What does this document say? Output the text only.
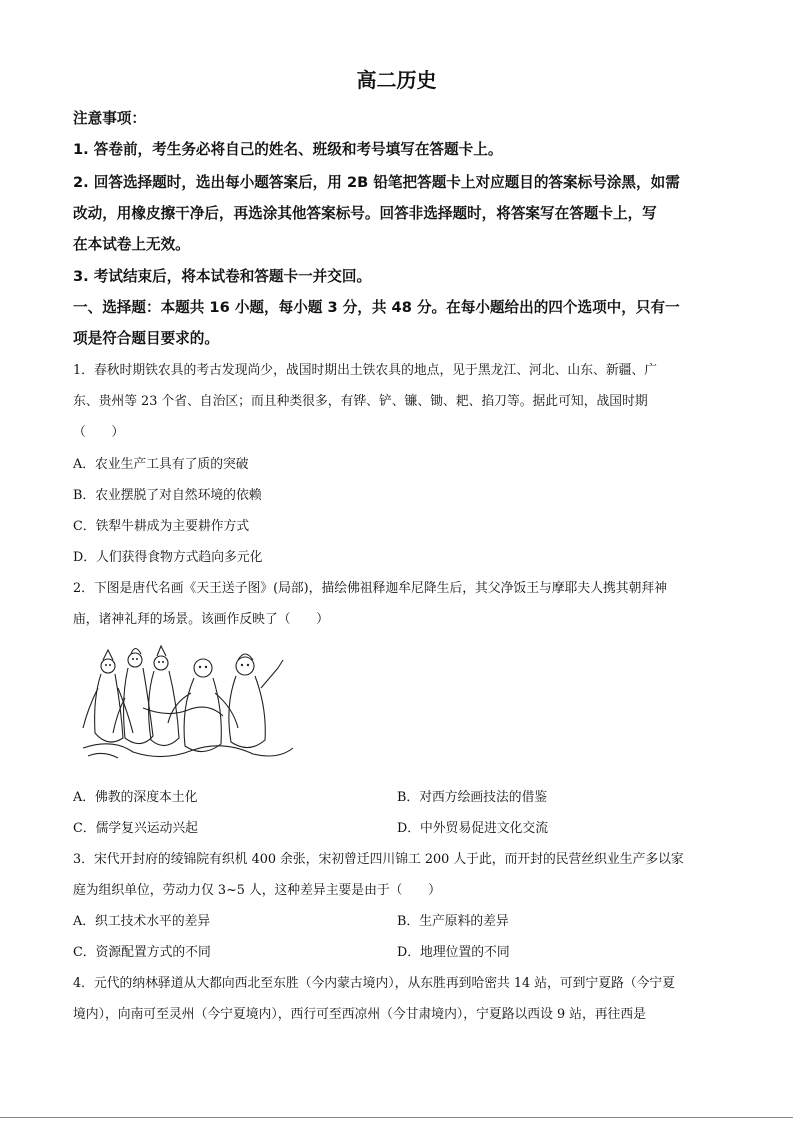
高二历史
注意事项：
1. 答卷前，考生务必将自己的姓名、班级和考号填写在答题卡上。
2. 回答选择题时，选出每小题答案后，用 2B 铅笔把答题卡上对应题目的答案标号涂黑，如需
改动，用橡皮擦干净后，再选涂其他答案标号。回答非选择题时，将答案写在答题卡上，写
在本试卷上无效。
3. 考试结束后，将本试卷和答题卡一并交回。
一、选择题：本题共 16 小题，每小题 3 分，共 48 分。在每小题给出的四个选项中，只有一
项是符合题目要求的。
1．春秋时期铁农具的考古发现尚少，战国时期出土铁农具的地点，见于黑龙江、河北、山东、新疆、广
东、贵州等 23 个省、自治区；而且种类很多，有铧、铲、镰、锄、耙、掐刀等。据此可知，战国时期
（　　）
A．农业生产工具有了质的突破
B．农业摆脱了对自然环境的依赖
C．铁犁牛耕成为主要耕作方式
D．人们获得食物方式趋向多元化
2．下图是唐代名画《天王送子图》(局部)，描绘佛祖释迦牟尼降生后，其父净饭王与摩耶夫人携其朝拜神
庙，诸神礼拜的场景。该画作反映了（　　）
A．佛教的深度本土化	B．对西方绘画技法的借鉴
C．儒学复兴运动兴起	D．中外贸易促进文化交流
3．宋代开封府的绫锦院有织机 400 余张，宋初曾迁四川锦工 200 人于此，而开封的民营丝织业生产多以家
庭为组织单位，劳动力仅 3~5 人，这种差异主要是由于（　　）
A．织工技术水平的差异	B．生产原料的差异
C．资源配置方式的不同	D．地理位置的不同
4．元代的纳林驿道从大都向西北至东胜（今内蒙古境内），从东胜再到哈密共 14 站，可到宁夏路（今宁夏
境内），向南可至灵州（今宁夏境内），西行可至西凉州（今甘肃境内），宁夏路以西设 9 站，再往西是
